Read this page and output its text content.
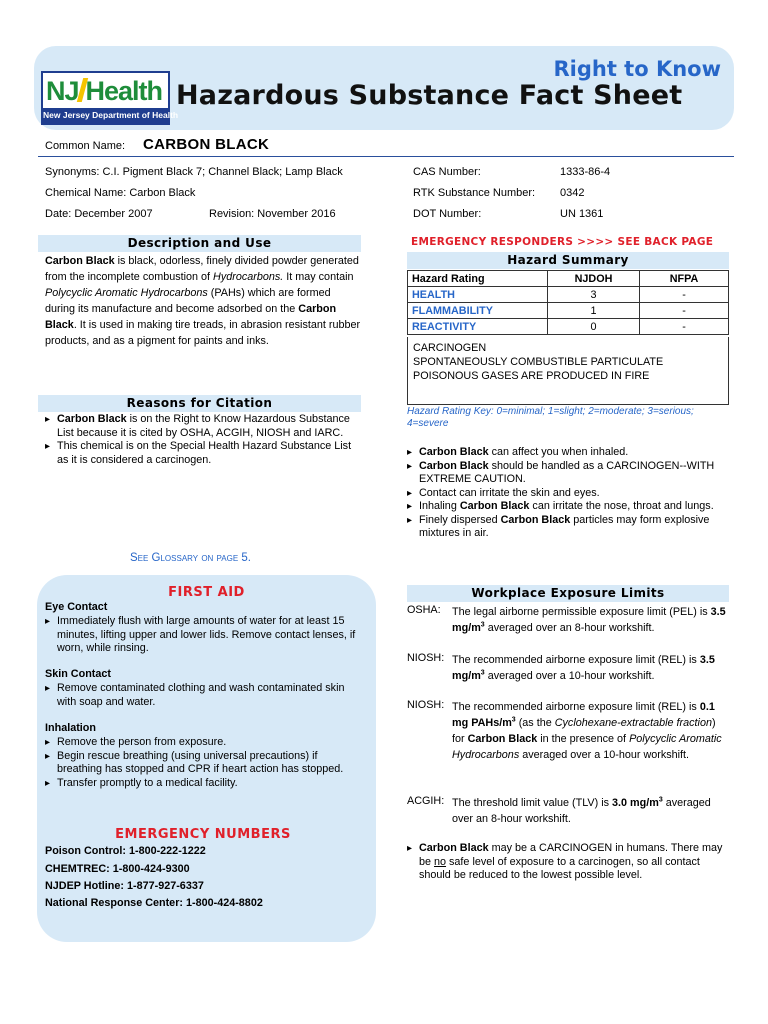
NJ Health
New Jersey Department of Health
Right to Know
Hazardous Substance Fact Sheet
Common Name: CARBON BLACK
Synonyms: C.I. Pigment Black 7; Channel Black; Lamp Black
Chemical Name: Carbon Black
Date: December 2007	Revision: November 2016
CAS Number:	1333-86-4
RTK Substance Number: 0342
DOT Number:	UN 1361
Description and Use
Carbon Black is black, odorless, finely divided powder generated from the incomplete combustion of Hydrocarbons. It may contain Polycyclic Aromatic Hydrocarbons (PAHs) which are formed during its manufacture and become adsorbed on the Carbon Black. It is used in making tire treads, in abrasion resistant rubber products, and as a pigment for paints and inks.
Reasons for Citation
▸ Carbon Black is on the Right to Know Hazardous Substance List because it is cited by OSHA, ACGIH, NIOSH and IARC.
▸ This chemical is on the Special Health Hazard Substance List as it is considered a carcinogen.
See Glossary on page 5.
FIRST AID
Eye Contact
▸ Immediately flush with large amounts of water for at least 15 minutes, lifting upper and lower lids. Remove contact lenses, if worn, while rinsing.
Skin Contact
▸ Remove contaminated clothing and wash contaminated skin with soap and water.
Inhalation
▸ Remove the person from exposure.
▸ Begin rescue breathing (using universal precautions) if breathing has stopped and CPR if heart action has stopped.
▸ Transfer promptly to a medical facility.
EMERGENCY NUMBERS
Poison Control: 1-800-222-1222
CHEMTREC: 1-800-424-9300
NJDEP Hotline: 1-877-927-6337
National Response Center: 1-800-424-8802
EMERGENCY RESPONDERS >>>> SEE BACK PAGE
Hazard Summary
Hazard Rating	NJDOH	NFPA
HEALTH	3	-
FLAMMABILITY	1	-
REACTIVITY	0	-
CARCINOGEN
SPONTANEOUSLY COMBUSTIBLE PARTICULATE
POISONOUS GASES ARE PRODUCED IN FIRE
Hazard Rating Key: 0=minimal; 1=slight; 2=moderate; 3=serious; 4=severe
▸ Carbon Black can affect you when inhaled.
▸ Carbon Black should be handled as a CARCINOGEN--WITH EXTREME CAUTION.
▸ Contact can irritate the skin and eyes.
▸ Inhaling Carbon Black can irritate the nose, throat and lungs.
▸ Finely dispersed Carbon Black particles may form explosive mixtures in air.
Workplace Exposure Limits
OSHA: The legal airborne permissible exposure limit (PEL) is 3.5 $mg/m^3$ averaged over an 8-hour workshift.
NIOSH: The recommended airborne exposure limit (REL) is 3.5 $mg/m^3$ averaged over a 10-hour workshift.
NIOSH: The recommended airborne exposure limit (REL) is 0.1 mg PAHs/$m^3$ (as the Cyclohexane-extractable fraction) for Carbon Black in the presence of Polycyclic Aromatic Hydrocarbons averaged over a 10-hour workshift.
ACGIH: The threshold limit value (TLV) is 3.0 $mg/m^3$ averaged over an 8-hour workshift.
▸ Carbon Black may be a CARCINOGEN in humans. There may be no safe level of exposure to a carcinogen, so all contact should be reduced to the lowest possible level.
